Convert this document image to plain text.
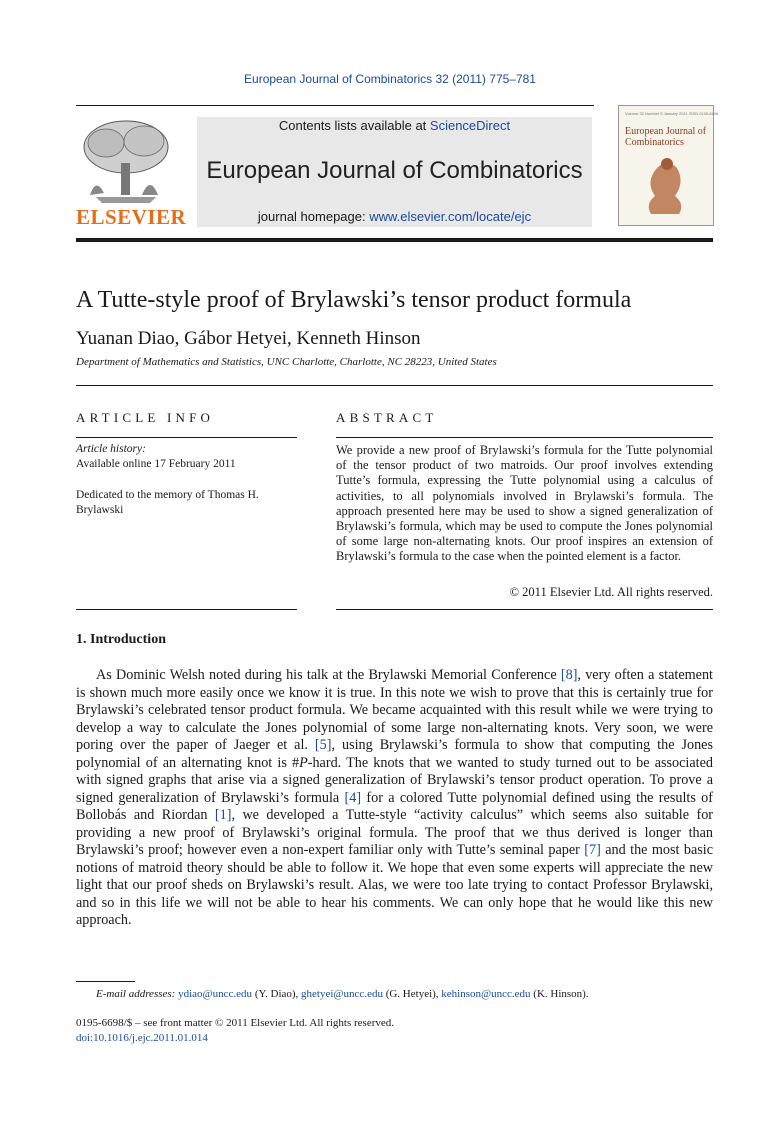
European Journal of Combinatorics 32 (2011) 775–781
ELSEVIER
Contents lists available at ScienceDirect
European Journal of Combinatorics
journal homepage: www.elsevier.com/locate/ejc
Volume 32 Number 5 January 2011 ISSN 0195-6698
European Journal of Combinatorics
A Tutte-style proof of Brylawski’s tensor product formula
Yuanan Diao, Gábor Hetyei, Kenneth Hinson
Department of Mathematics and Statistics, UNC Charlotte, Charlotte, NC 28223, United States
ARTICLE INFO
Article history:
Available online 17 February 2011
Dedicated to the memory of Thomas H.
Brylawski
ABSTRACT
We provide a new proof of Brylawski’s formula for the Tutte polynomial of the tensor product of two matroids. Our proof involves extending Tutte’s formula, expressing the Tutte polynomial using a calculus of activities, to all polynomials involved in Brylawski’s formula. The approach presented here may be used to show a signed generalization of Brylawski’s formula, which may be used to compute the Jones polynomial of some large non-alternating knots. Our proof inspires an extension of Brylawski’s formula to the case when the pointed element is a factor.
© 2011 Elsevier Ltd. All rights reserved.
1. Introduction
As Dominic Welsh noted during his talk at the Brylawski Memorial Conference [8], very often a statement is shown much more easily once we know it is true. In this note we wish to prove that this is certainly true for Brylawski’s celebrated tensor product formula. We became acquainted with this result while we were trying to develop a way to calculate the Jones polynomial of some large non-alternating knots. Very soon, we were poring over the paper of Jaeger et al. [5], using Brylawski’s formula to show that computing the Jones polynomial of an alternating knot is #P-hard. The knots that we wanted to study turned out to be associated with signed graphs that arise via a signed generalization of Brylawski’s tensor product operation. To prove a signed generalization of Brylawski’s formula [4] for a colored Tutte polynomial defined using the results of Bollobás and Riordan [1], we developed a Tutte-style “activity calculus” which seems also suitable for providing a new proof of Brylawski’s original formula. The proof that we thus derived is longer than Brylawski’s proof; however even a non-expert familiar only with Tutte’s seminal paper [7] and the most basic notions of matroid theory should be able to follow it. We hope that even some experts will appreciate the new light that our proof sheds on Brylawski’s result. Alas, we were too late trying to contact Professor Brylawski, and so in this life we will not be able to hear his comments. We can only hope that he would like this new approach.
E-mail addresses: ydiao@uncc.edu (Y. Diao), ghetyei@uncc.edu (G. Hetyei), kehinson@uncc.edu (K. Hinson).
0195-6698/$ – see front matter © 2011 Elsevier Ltd. All rights reserved.
doi:10.1016/j.ejc.2011.01.014
